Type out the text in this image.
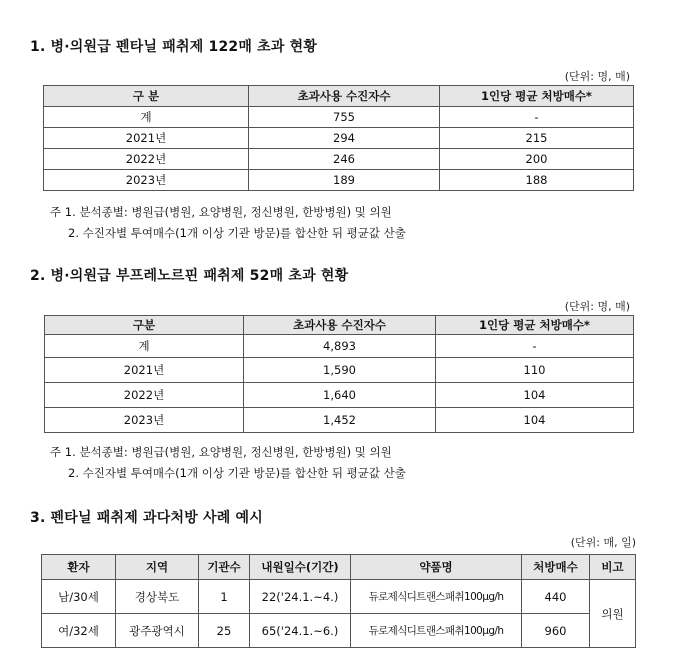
1. 병·의원급 펜타닐 패취제 122매 초과 현황
(단위: 명, 매)
구 분	초과사용 수진자수	1인당 평균 처방매수*
계	755	-
2021년	294	215
2022년	246	200
2023년	189	188
주 1. 분석종별: 병원급(병원, 요양병원, 정신병원, 한방병원) 및 의원
2. 수진자별 투여매수(1개 이상 기관 방문)를 합산한 뒤 평균값 산출
2. 병·의원급 부프레노르핀 패취제 52매 초과 현황
(단위: 명, 매)
구분	초과사용 수진자수	1인당 평균 처방매수*
계	4,893	-
2021년	1,590	110
2022년	1,640	104
2023년	1,452	104
주 1. 분석종별: 병원급(병원, 요양병원, 정신병원, 한방병원) 및 의원
2. 수진자별 투여매수(1개 이상 기관 방문)를 합산한 뒤 평균값 산출
3. 펜타닐 패취제 과다처방 사례 예시
(단위: 매, 일)
환자	지역	기관수	내원일수(기간)	약품명	처방매수	비고
남/30세	경상북도	1	22('24.1.~4.)	듀로제식디트랜스패취100μg/h	440	의원
여/32세	광주광역시	25	65('24.1.~6.)	듀로제식디트랜스패취100μg/h	960	
